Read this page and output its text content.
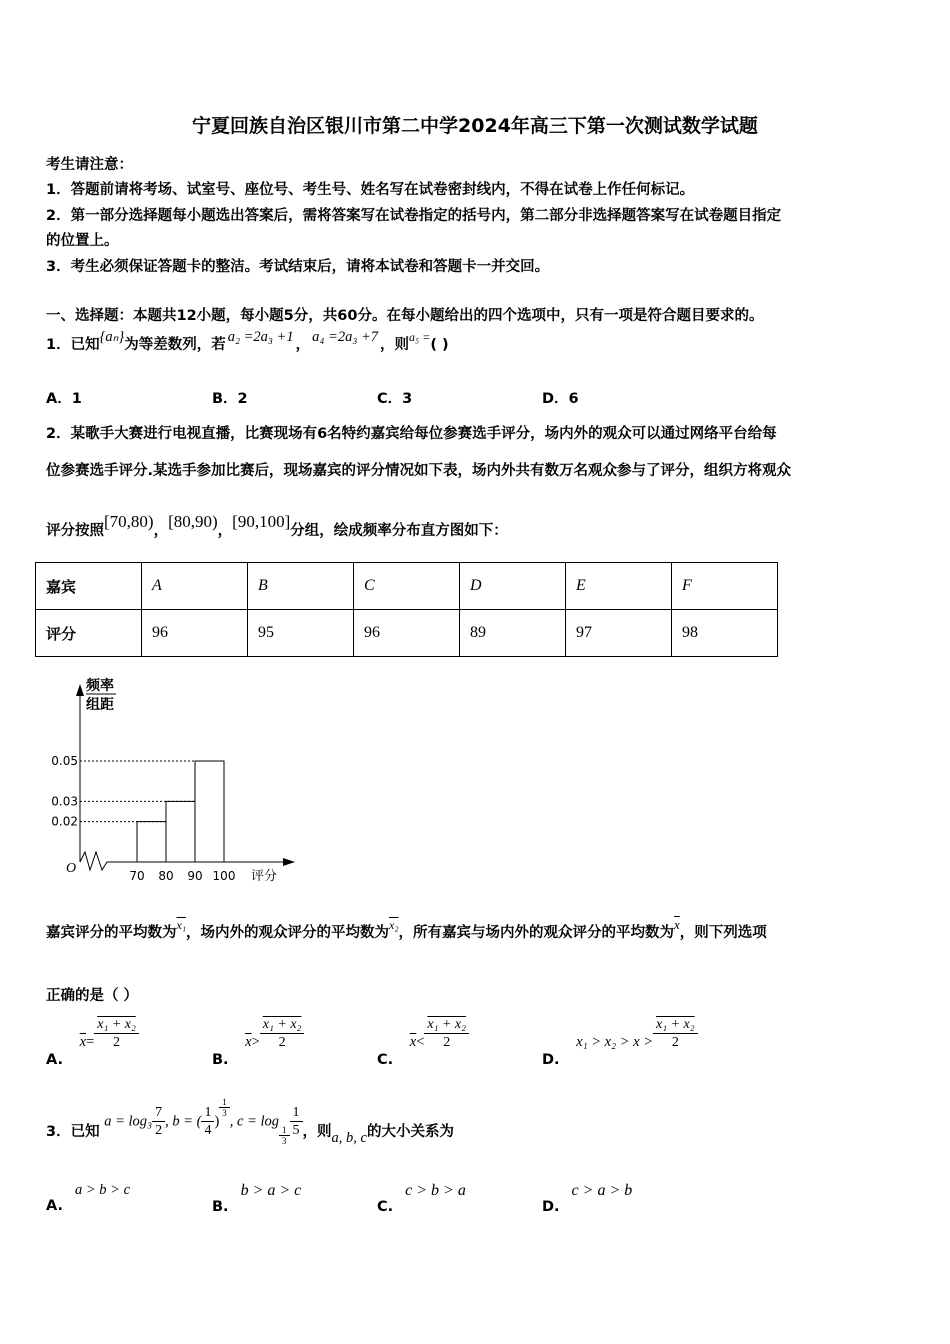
宁夏回族自治区银川市第二中学2024年高三下第一次测试数学试题
考生请注意：
1．答题前请将考场、试室号、座位号、考生号、姓名写在试卷密封线内，不得在试卷上作任何标记。
2．第一部分选择题每小题选出答案后，需将答案写在试卷指定的括号内，第二部分非选择题答案写在试卷题目指定
的位置上。
3．考生必须保证答题卡的整洁。考试结束后，请将本试卷和答题卡一并交回。
一、选择题：本题共12小题，每小题5分，共60分。在每小题给出的四个选项中，只有一项是符合题目要求的。
1．已知{aₙ}为等差数列，若 a₂ =2a₃ +1 ， a₄ =2a₃ +7 ，则$^{a_5 =}$( )
A．1	B．2	C．3	D．6
2．某歌手大赛进行电视直播，比赛现场有6名特约嘉宾给每位参赛选手评分，场内外的观众可以通过网络平台给每
位参赛选手评分.某选手参加比赛后，现场嘉宾的评分情况如下表，场内外共有数万名观众参与了评分，组织方将观众
评分按照[70,80)，[80,90)，[90,100]分组，绘成频率分布直方图如下：
嘉宾	A	B	C	D	E	F
评分	96	95	96	89	97	98
频率
组距
O
评分
70 80 90 100
0.05
0.03
0.02
嘉宾评分的平均数为$^{x_1}$，场内外的观众评分的平均数为$^{x_2}$，所有嘉宾与场内外的观众评分的平均数为$\overline{x}$，则下列选项
正确的是（ ）
A. $\overline{x}= \frac{\text{x₁ + x₂}}{2}$
B. $\overline{x}> \frac{\text{x₁ + x₂}}{2}$
C. $\overline{x}< \frac{\text{x₁ + x₂}}{2}$
D. $x_1 > x_2 > x > \frac{\text{x₁ + x₂}}{2}$
3．已知 $a = \log_3 \frac{7}{2}$ , b = ( $\frac{1}{4}$ )
$\frac{1}{3}$
, c = log
$\frac{1}{3} \frac{1}{5}$ ，则a, b, c的大小关系为
A.a > b > c
B.b > a > c
C.c > b > a
D.c > a > b
